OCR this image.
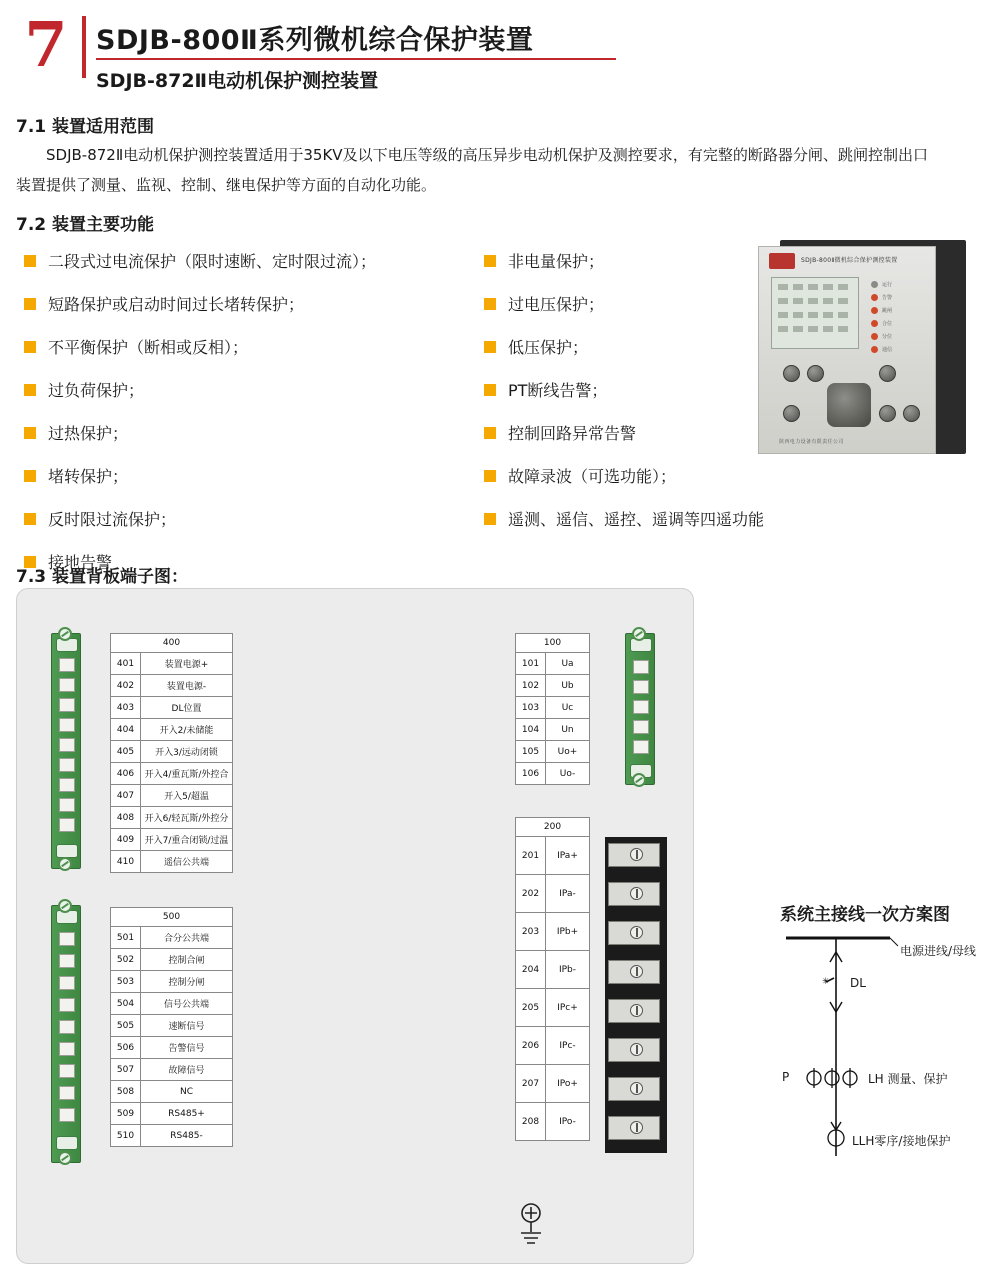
7 SDJB-800Ⅱ系列微机综合保护装置
SDJB-872Ⅱ电动机保护测控装置
7.1 装置适用范围
SDJB-872Ⅱ电动机保护测控装置适用于35KV及以下电压等级的高压异步电动机保护及测控要求，有完整的断路器分闸、跳闸控制出口装置提供了测量、监视、控制、继电保护等方面的自动化功能。
7.2 装置主要功能
二段式过电流保护（限时速断、定时限过流）；
短路保护或启动时间过长堵转保护；
不平衡保护（断相或反相）；
过负荷保护；
过热保护；
堵转保护；
反时限过流保护；
接地告警
非电量保护；
过电压保护；
低压保护；
PT断线告警；
控制回路异常告警
故障录波（可选功能）；
遥测、遥信、遥控、遥调等四遥功能
SDJB-800Ⅱ微机综合保护测控装置
运行
告警
跳闸
合位
分位
通信
陕西电力设备有限责任公司
7.3 装置背板端子图：
400	
401	装置电源+
402	装置电源-
403	DL位置
404	开入2/未储能
405	开入3/远动闭锁
406	开入4/重瓦斯/外控合
407	开入5/超温
408	开入6/轻瓦斯/外控分
409	开入7/重合闭锁/过温
410	遥信公共端
500	
501	合分公共端
502	控制合闸
503	控制分闸
504	信号公共端
505	速断信号
506	告警信号
507	故障信号
508	NC
509	RS485+
510	RS485-
100	
101	Ua
102	Ub
103	Uc
104	Un
105	Uo+
106	Uo-
200	
201	IPa+
202	IPa-
203	IPb+
204	IPb-
205	IPc+
206	IPc-
207	IPo+
208	IPo-
系统主接线一次方案图
✳
电源进线/母线
DL
P	LH 测量、保护
LLH零序/接地保护
